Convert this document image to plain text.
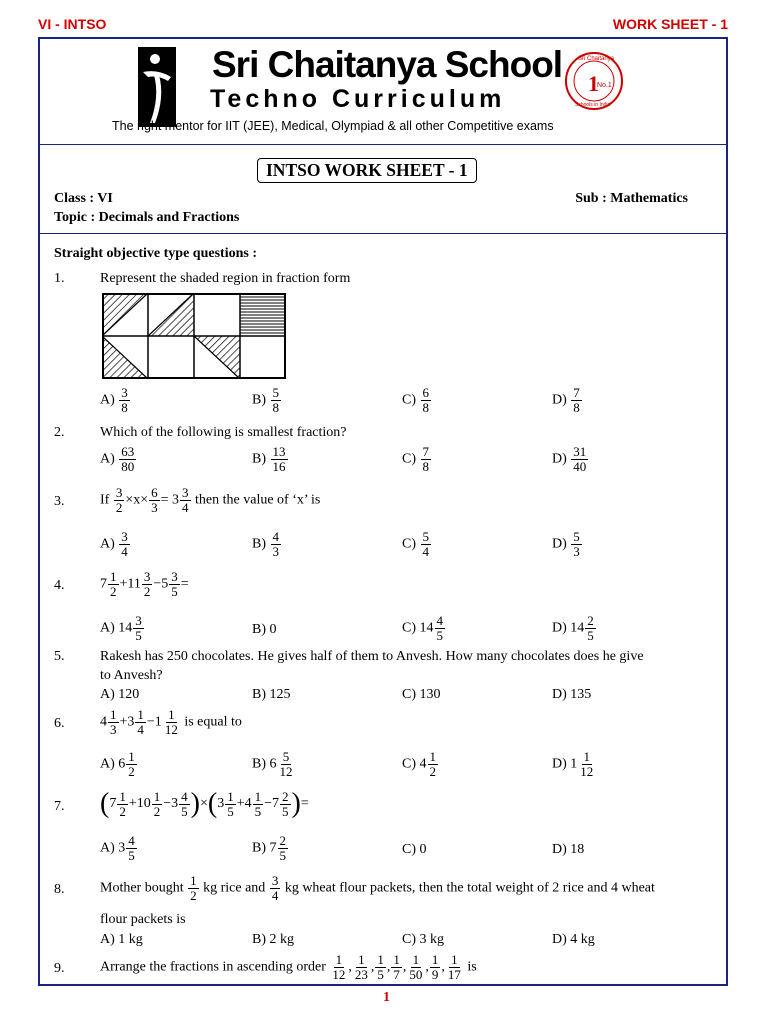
VI - INTSO	WORK SHEET - 1
Sri Chaitanya School
Techno Curriculum
The right mentor for IIT (JEE), Medical, Olympiad & all other Competitive exams
1
No.1
Sri Chaitanya
Schools in India
INTSO WORK SHEET - 1
Class : VI	Sub : Mathematics
Topic : Decimals and Fractions
Straight objective type questions :
1.	Represent the shaded region in fraction form
$A) \frac{3}{8}$	$B) \frac{5}{8}$	$C) \frac{6}{8}$	$D) \frac{7}{8}$
2.	Which of the following is smallest fraction?
$A) \frac{63}{80}$	$B) \frac{13}{16}$	$C) \frac{7}{8}$	$D) \frac{31}{40}$
3.	If $\frac{3}{2} \times x\times \frac{6}{3} = 3 \frac{3}{4}$ then the value of ‘x’ is
$A) \frac{3}{4}$	$B) \frac{4}{3}$	$C) \frac{5}{4}$	$D) \frac{5}{3}$
4.	$7 \frac{1}{2} +11 \frac{3}{2} -5 \frac{3}{5}$ =
A) $14 \frac{3}{5}$	B) 0	C) $14 \frac{4}{5}$	D) $14 \frac{2}{5}$
5.	Rakesh has 250 chocolates. He gives half of them to Anvesh. How many chocolates does he give
to Anvesh?
A) 120	B) 125	C) 130	D) 135
6.	$4 \frac{1}{3} +3 \frac{1}{4} -1 \frac{1}{12}$ is equal to
A) $6 \frac{1}{2}$	B) $6 \frac{5}{12}$	C) $4 \frac{1}{2}$	D) $1 \frac{1}{12}$
7. $(7 \frac{1}{2} +10 \frac{1}{2} -3 \frac{4}{5} )\times(3 \frac{1}{5} +4 \frac{1}{5} -7 \frac{2}{5}$ )=
A) $3 \frac{4}{5}$	B) $7 \frac{2}{5}$	C) 0	D) 18
8.	Mother bought $\frac{1}{2}$ kg rice and $\frac{3}{4}$ kg wheat flour packets, then the total weight of 2 rice and 4 wheat
flour packets is
A) 1 kg	B) 2 kg	C) 3 kg	D) 4 kg
9.	Arrange the fractions in ascending order $\frac{1}{12}$ , $\frac{1}{23}$ , $\frac{1}{5}$ , $\frac{1}{7}$ , $\frac{1}{50}$ , $\frac{1}{9}$ , $\frac{1}{17}$ is
1
